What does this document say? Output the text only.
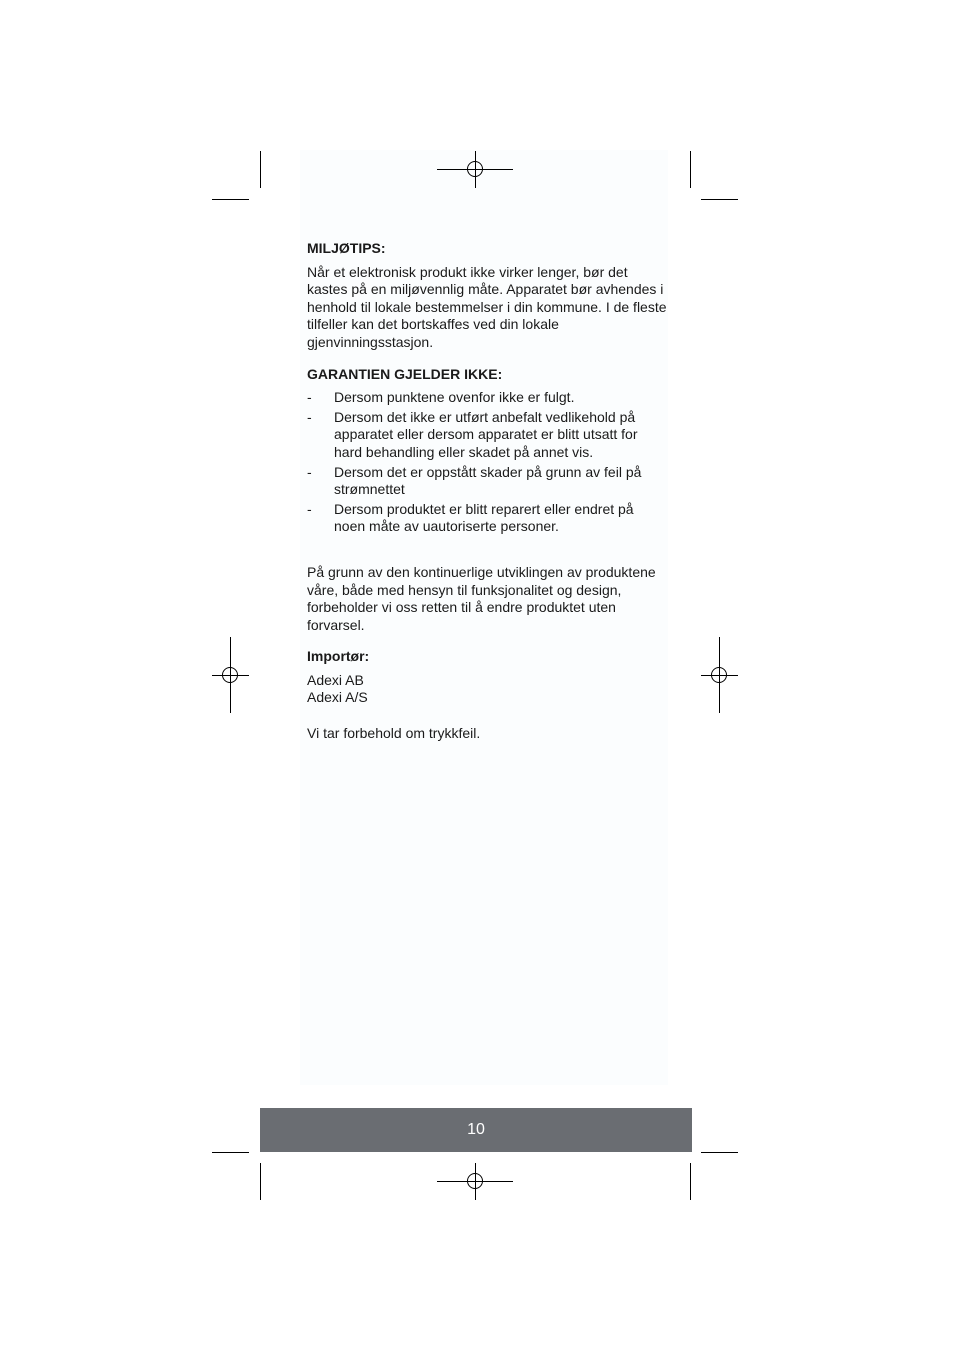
MILJØTIPS:

Når et elektronisk produkt ikke virker lenger, bør det kastes på en miljøvennlig måte. Apparatet bør avhendes i henhold til lokale bestemmelser i din kommune. I de fleste tilfeller kan det bortskaffes ved din lokale gjenvinningsstasjon.

GARANTIEN GJELDER IKKE:

- Dersom punktene ovenfor ikke er fulgt.
- Dersom det ikke er utført anbefalt vedlikehold på apparatet eller dersom apparatet er blitt utsatt for hard behandling eller skadet på annet vis.
- Dersom det er oppstått skader på grunn av feil på strømnettet
- Dersom produktet er blitt reparert eller endret på noen måte av uautoriserte personer.

På grunn av den kontinuerlige utviklingen av produktene våre, både med hensyn til funksjonalitet og design, forbeholder vi oss retten til å endre produktet uten forvarsel.

Importør:

Adexi AB
Adexi A/S

Vi tar forbehold om trykkfeil.

10
